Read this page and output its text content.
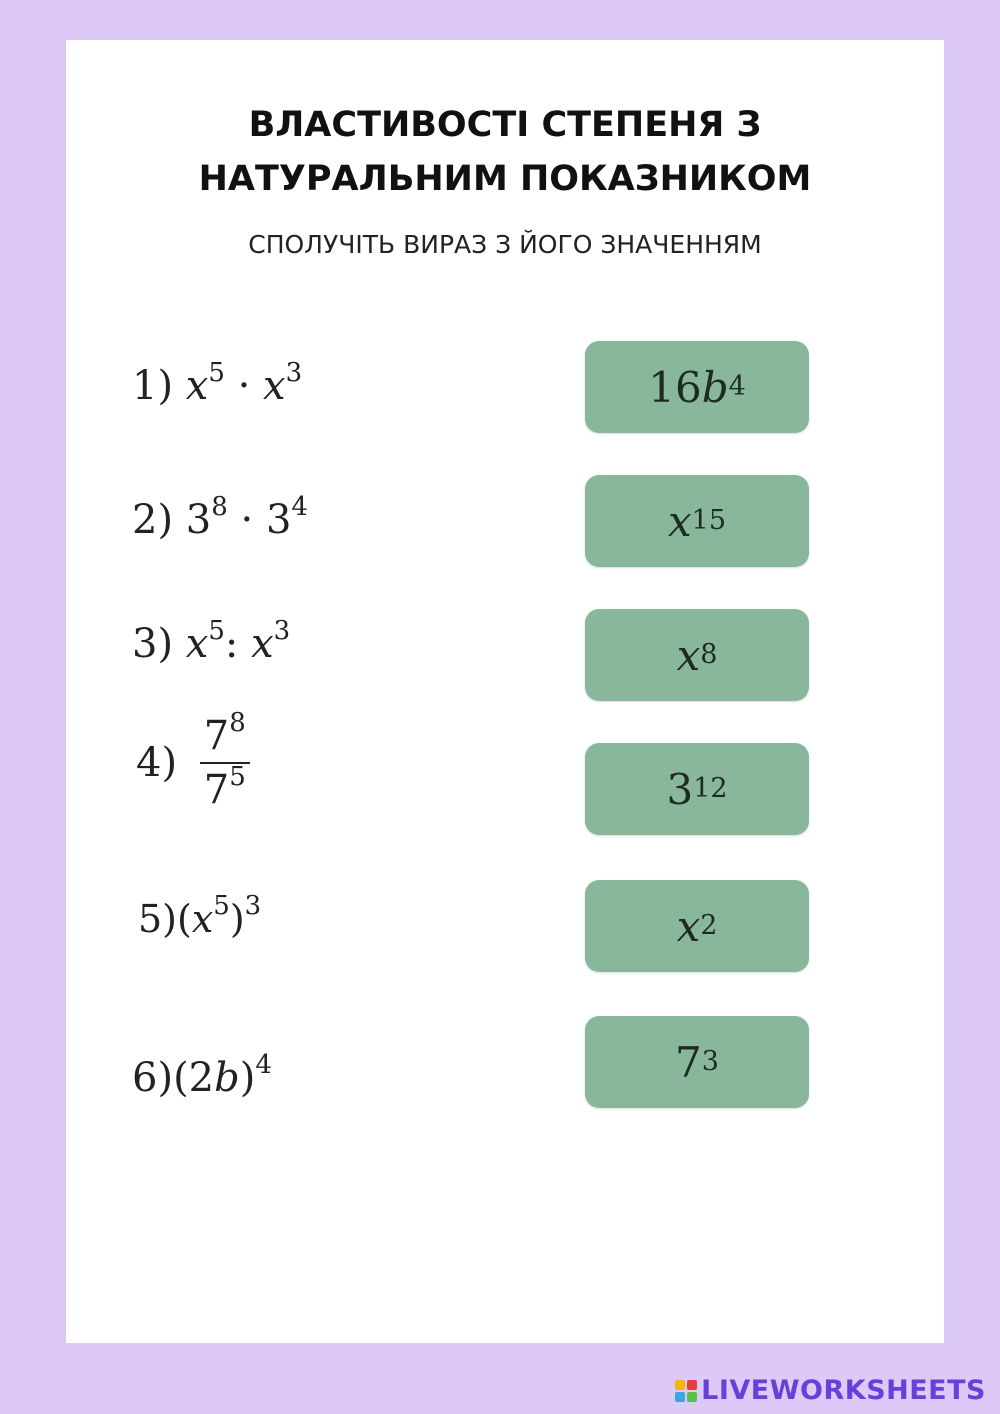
ВЛАСТИВОСТІ СТЕПЕНЯ З
НАТУРАЛЬНИМ ПОКАЗНИКОМ
СПОЛУЧІТЬ ВИРАЗ З ЙОГО ЗНАЧЕННЯМ
1) $x^5 \cdot x^3$
2) $3^8 \cdot 3^4$
3) $x^5$: $x^3$
$4) \frac{7^8}{7^5}$
$5)(x^5)^3$
$6)(2b)^4$
16 b 4
x 15
x 8
3 12
x 2
7 3
LIVEWORKSHEETS
